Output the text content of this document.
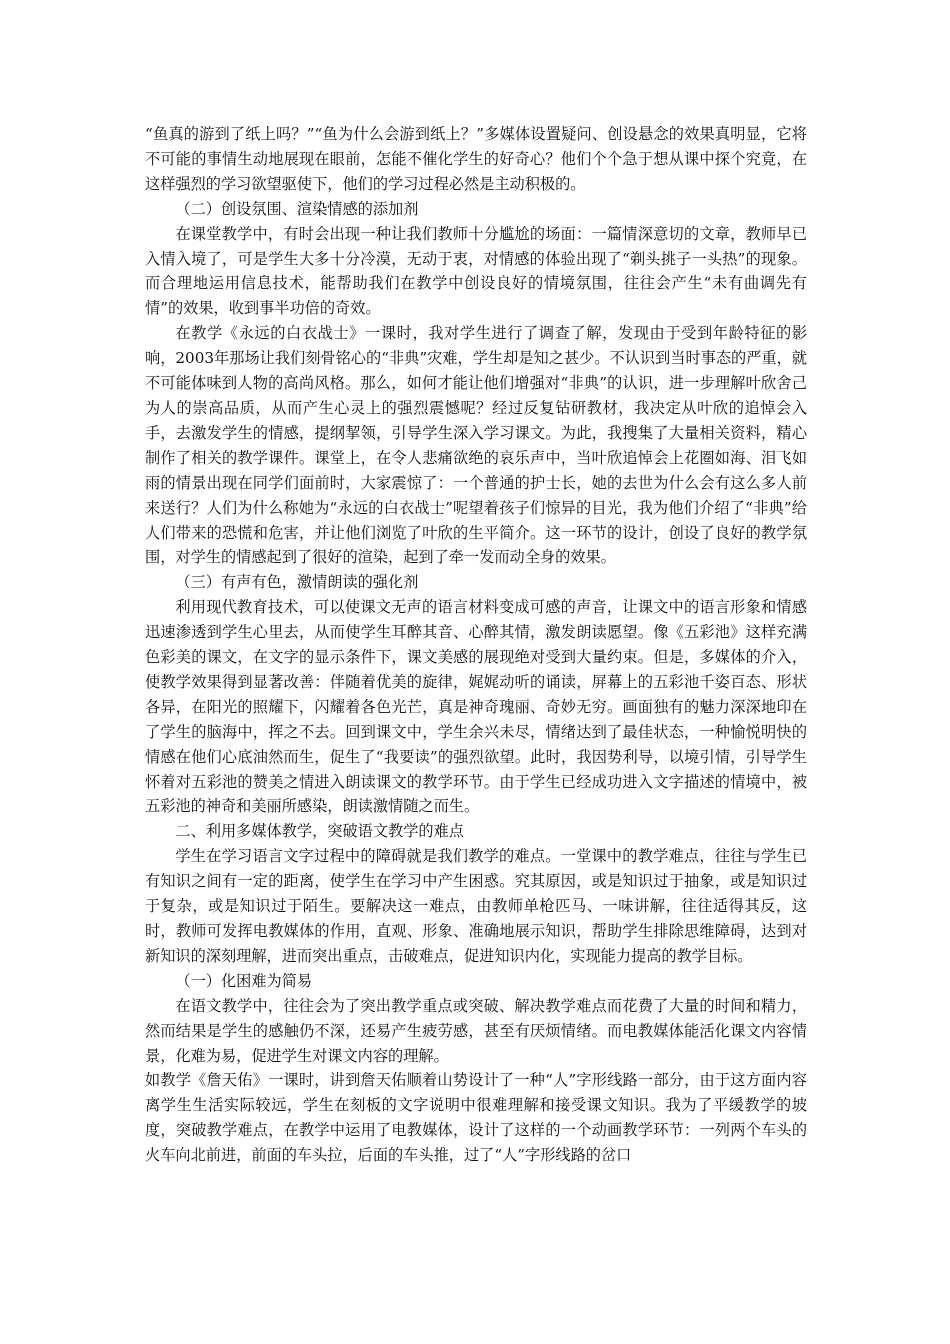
“鱼真的游到了纸上吗？”“鱼为什么会游到纸上？”多媒体设置疑问、创设悬念的效果真明显，它将不可能的事情生动地展现在眼前，怎能不催化学生的好奇心？他们个个急于想从课中探个究竟，在这样强烈的学习欲望驱使下，他们的学习过程必然是主动积极的。

（二）创设氛围、渲染情感的添加剂

在课堂教学中，有时会出现一种让我们教师十分尴尬的场面：一篇情深意切的文章，教师早已入情入境了，可是学生大多十分冷漠，无动于衷，对情感的体验出现了“剃头挑子一头热”的现象。而合理地运用信息技术，能帮助我们在教学中创设良好的情境氛围，往往会产生“未有曲调先有情”的效果，收到事半功倍的奇效。

在教学《永远的白衣战士》一课时，我对学生进行了调查了解，发现由于受到年龄特征的影响，2003年那场让我们刻骨铭心的“非典”灾难，学生却是知之甚少。不认识到当时事态的严重，就不可能体味到人物的高尚风格。那么，如何才能让他们增强对“非典”的认识，进一步理解叶欣舍己为人的崇高品质，从而产生心灵上的强烈震憾呢？经过反复钻研教材，我决定从叶欣的追悼会入手，去激发学生的情感，提纲挈领，引导学生深入学习课文。为此，我搜集了大量相关资料，精心制作了相关的教学课件。课堂上，在令人悲痛欲绝的哀乐声中，当叶欣追悼会上花圈如海、泪飞如雨的情景出现在同学们面前时，大家震惊了：一个普通的护士长，她的去世为什么会有这么多人前来送行？人们为什么称她为“永远的白衣战士”呢望着孩子们惊异的目光，我为他们介绍了“非典”给人们带来的恐慌和危害，并让他们浏览了叶欣的生平简介。这一环节的设计，创设了良好的教学氛围，对学生的情感起到了很好的渲染，起到了牵一发而动全身的效果。

（三）有声有色，激情朗读的强化剂

利用现代教育技术，可以使课文无声的语言材料变成可感的声音，让课文中的语言形象和情感迅速渗透到学生心里去，从而使学生耳醉其音、心醉其情，激发朗读愿望。像《五彩池》这样充满色彩美的课文，在文字的显示条件下，课文美感的展现绝对受到大量约束。但是，多媒体的介入，使教学效果得到显著改善：伴随着优美的旋律，娓娓动听的诵读，屏幕上的五彩池千姿百态、形状各异，在阳光的照耀下，闪耀着各色光芒，真是神奇瑰丽、奇妙无穷。画面独有的魅力深深地印在了学生的脑海中，挥之不去。回到课文中，学生余兴未尽，情绪达到了最佳状态，一种愉悦明快的情感在他们心底油然而生，促生了“我要读”的强烈欲望。此时，我因势利导，以境引情，引导学生怀着对五彩池的赞美之情进入朗读课文的教学环节。由于学生已经成功进入文字描述的情境中，被五彩池的神奇和美丽所感染，朗读激情随之而生。

二、利用多媒体教学，突破语文教学的难点

学生在学习语言文字过程中的障碍就是我们教学的难点。一堂课中的教学难点，往往与学生已有知识之间有一定的距离，使学生在学习中产生困惑。究其原因，或是知识过于抽象，或是知识过于复杂，或是知识过于陌生。要解决这一难点，由教师单枪匹马、一味讲解，往往适得其反，这时，教师可发挥电教媒体的作用，直观、形象、准确地展示知识，帮助学生排除思维障碍，达到对新知识的深刻理解，进而突出重点，击破难点，促进知识内化，实现能力提高的教学目标。

（一）化困难为简易

在语文教学中，往往会为了突出教学重点或突破、解决教学难点而花费了大量的时间和精力，然而结果是学生的感触仍不深，还易产生疲劳感，甚至有厌烦情绪。而电教媒体能活化课文内容情景，化难为易，促进学生对课文内容的理解。

如教学《詹天佑》一课时，讲到詹天佑顺着山势设计了一种“人”字形线路一部分，由于这方面内容离学生生活实际较远，学生在刻板的文字说明中很难理解和接受课文知识。我为了平缓教学的坡度，突破教学难点，在教学中运用了电教媒体，设计了这样的一个动画教学环节：一列两个车头的火车向北前进，前面的车头拉，后面的车头推，过了“人”字形线路的岔口
